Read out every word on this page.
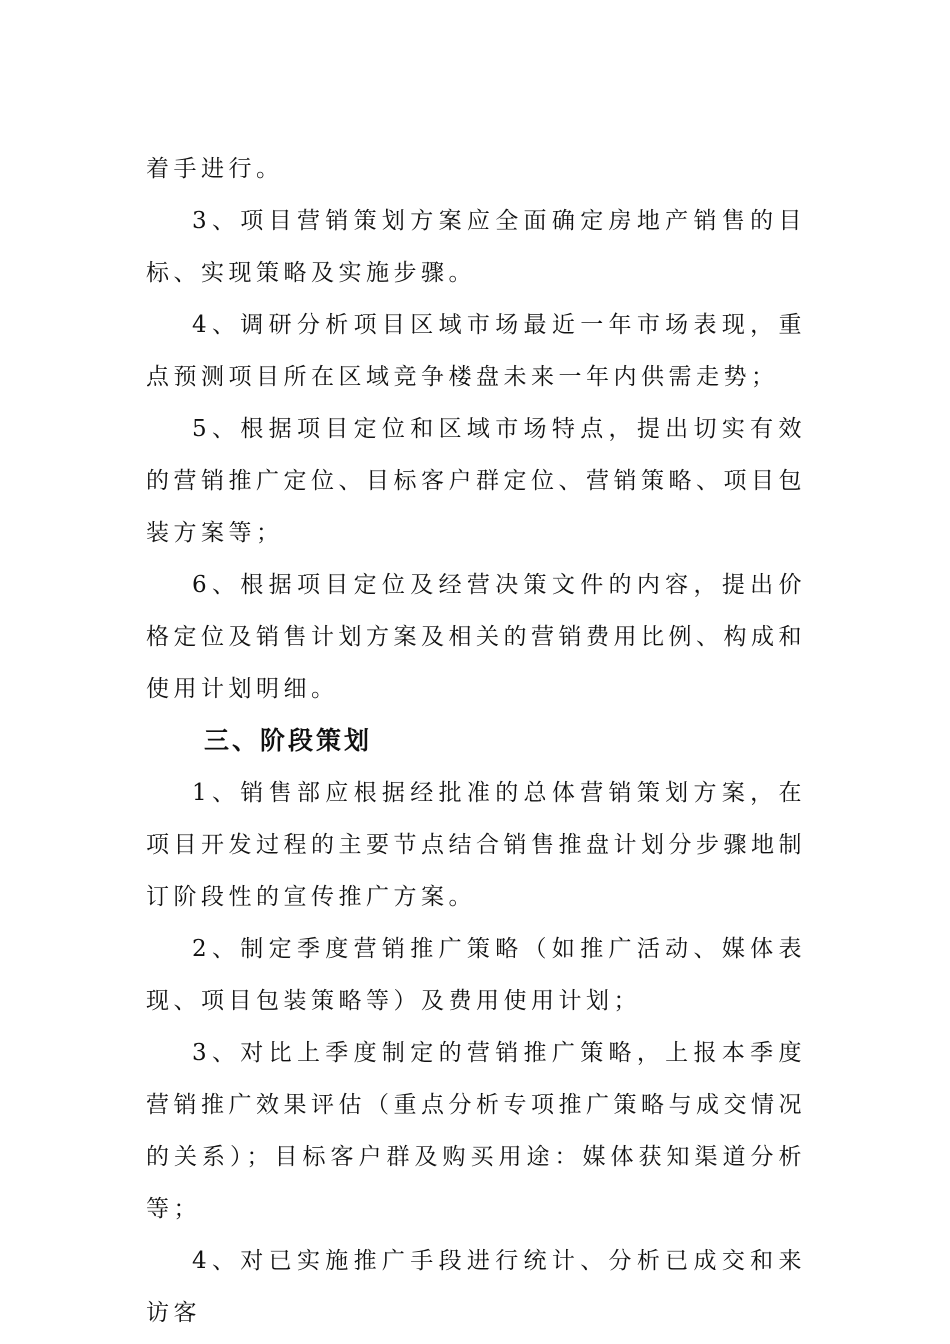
着手进行。

3、项目营销策划方案应全面确定房地产销售的目标、实现策略及实施步骤。

4、调研分析项目区域市场最近一年市场表现，重点预测项目所在区域竞争楼盘未来一年内供需走势；

5、根据项目定位和区域市场特点，提出切实有效的营销推广定位、目标客户群定位、营销策略、项目包装方案等；

6、根据项目定位及经营决策文件的内容，提出价格定位及销售计划方案及相关的营销费用比例、构成和使用计划明细。

三、阶段策划

1、销售部应根据经批准的总体营销策划方案，在项目开发过程的主要节点结合销售推盘计划分步骤地制订阶段性的宣传推广方案。

2、制定季度营销推广策略（如推广活动、媒体表现、项目包装策略等）及费用使用计划；

3、对比上季度制定的营销推广策略，上报本季度营销推广效果评估（重点分析专项推广策略与成交情况的关系）；目标客户群及购买用途：媒体获知渠道分析等；

4、对已实施推广手段进行统计、分析已成交和来访客
